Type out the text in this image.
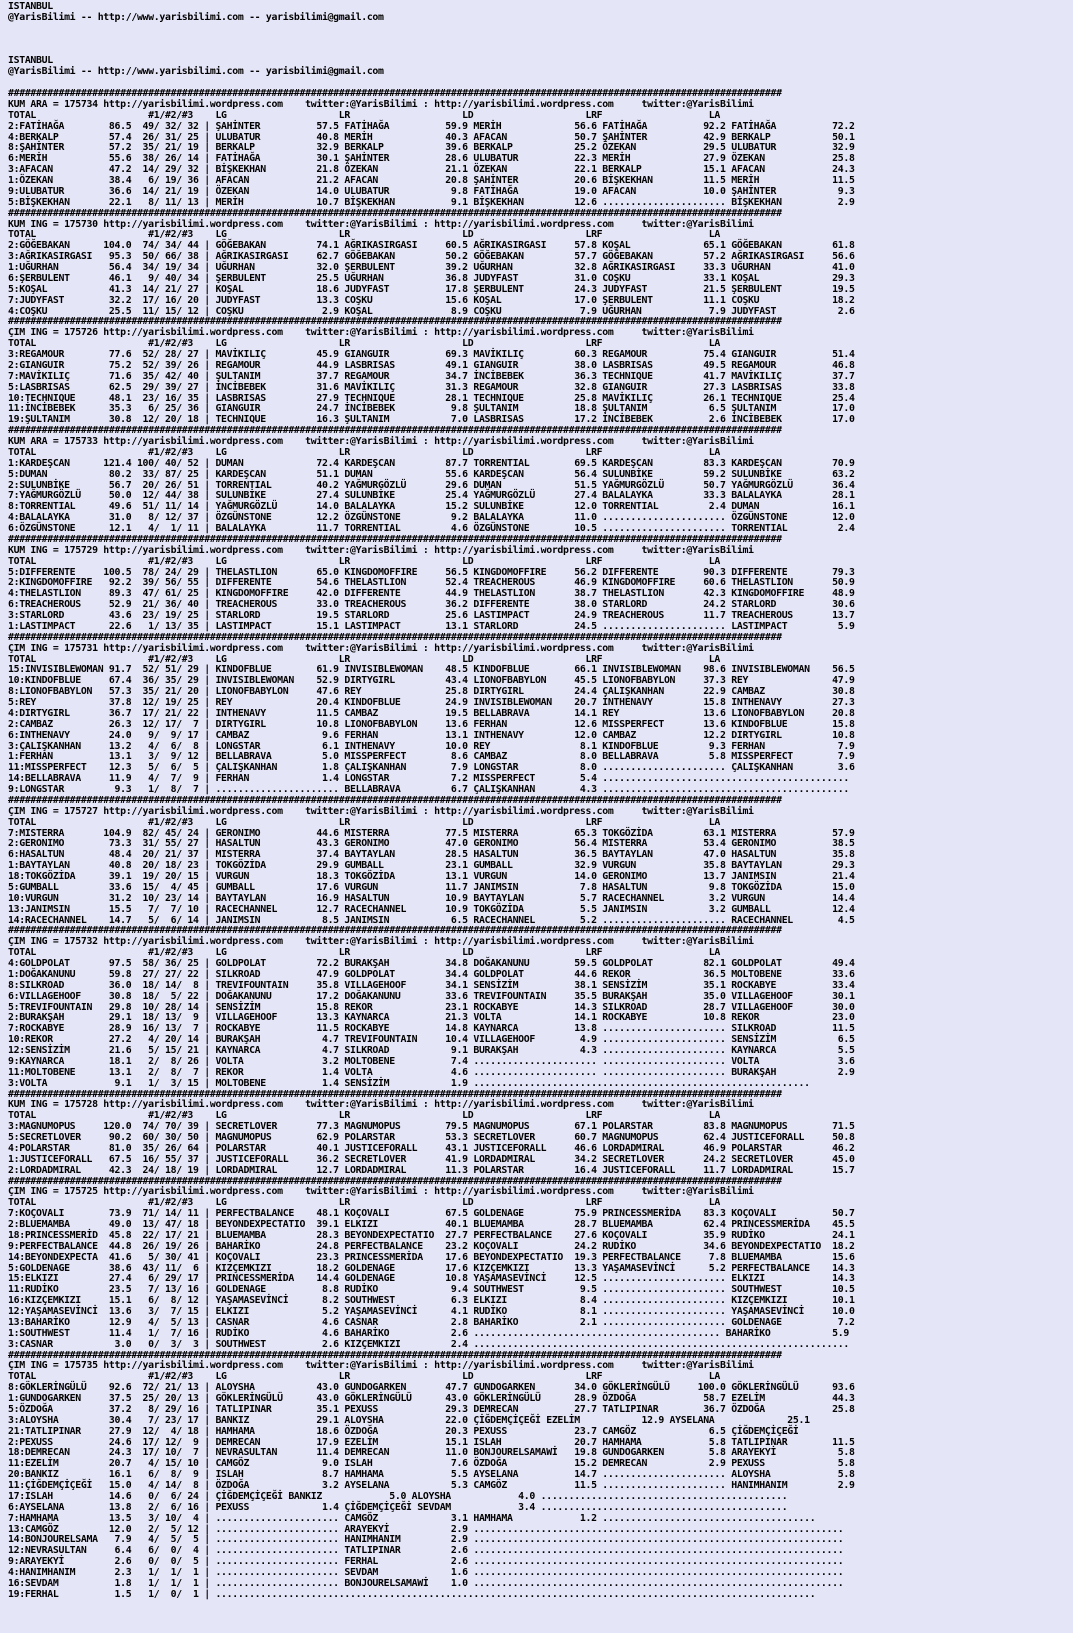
ISTANBUL
@YarisBilimi -- http://www.yarisbilimi.com -- yarisbilimi@gmail.com

ISTANBUL
@YarisBilimi -- http://www.yarisbilimi.com -- yarisbilimi@gmail.com

##########################################################################################################################################
KUM ARA = 175734 http://yarisbilimi.wordpress.com    twitter:@YarisBilimi : http://yarisbilimi.wordpress.com     twitter:@YarisBilimi
TOTAL                    #1/#2/#3    LG                    LR                    LD                    LRF                   LA
2:FATİHAĞA        86.5  49/ 32/ 32 | ŞAHİNTER          57.5 FATİHAĞA          59.9 MERİH             56.6 FATİHAĞA          92.2 FATİHAĞA          72.2
4:BERKALP         57.4  26/ 31/ 25 | ULUBATUR          40.8 MERİH             40.3 AFACAN            50.7 ŞAHİNTER          42.9 BERKALP           50.1
8:ŞAHİNTER        57.2  35/ 21/ 19 | BERKALP           32.9 BERKALP           39.6 BERKALP           25.2 ÖZEKAN            29.5 ULUBATUR          32.9
6:MERİH           55.6  38/ 26/ 14 | FATİHAĞA          30.1 ŞAHİNTER          28.6 ULUBATUR          22.3 MERİH             27.9 ÖZEKAN            25.8
3:AFACAN          47.2  14/ 29/ 32 | BİŞKEKHAN         21.8 ÖZEKAN            21.1 ÖZEKAN            22.1 BERKALP           15.1 AFACAN            24.3
1:ÖZEKAN          38.4   6/ 19/ 36 | AFACAN            21.2 AFACAN            20.8 ŞAHİNTER          20.6 BİŞKEKHAN         11.5 MERİH             11.5
9:ULUBATUR        36.6  14/ 21/ 19 | ÖZEKAN            14.0 ULUBATUR           9.8 FATİHAĞA          19.0 AFACAN            10.0 ŞAHİNTER           9.3
5:BİŞKEKHAN       22.1   8/ 11/ 13 | MERİH             10.7 BİŞKEKHAN          9.1 BİŞKEKHAN         12.6 ...................... BİŞKEKHAN          2.9
##########################################################################################################################################
KUM ING = 175730 http://yarisbilimi.wordpress.com    twitter:@YarisBilimi : http://yarisbilimi.wordpress.com     twitter:@YarisBilimi
TOTAL                    #1/#2/#3    LG                    LR                    LD                    LRF                   LA
2:GÖĞEBAKAN      104.0  74/ 34/ 44 | GÖĞEBAKAN         74.1 AĞRIKASIRGASI     60.5 AĞRIKASIRGASI     57.8 KOŞAL             65.1 GÖĞEBAKAN         61.8
3:AĞRIKASIRGASI   95.3  50/ 66/ 38 | AĞRIKASIRGASI     62.7 GÖĞEBAKAN         50.2 GÖĞEBAKAN         57.7 GÖĞEBAKAN         57.2 AĞRIKASIRGASI     56.6
1:UĞURHAN         56.4  34/ 19/ 34 | UĞURHAN           32.0 ŞERBULENT         39.2 UĞURHAN           32.8 AĞRIKASIRGASI     33.3 UĞURHAN           41.0
6:ŞERBULENT       46.1   9/ 40/ 34 | ŞERBULENT         25.5 UĞURHAN           36.8 JUDYFAST          31.0 COŞKU             33.1 KOŞAL             29.3
5:KOŞAL           41.3  14/ 21/ 27 | KOŞAL             18.6 JUDYFAST          17.8 ŞERBULENT         24.3 JUDYFAST          21.5 ŞERBULENT         19.5
7:JUDYFAST        32.2  17/ 16/ 20 | JUDYFAST          13.3 COŞKU             15.6 KOŞAL             17.0 ŞERBULENT         11.1 COŞKU             18.2
4:COŞKU           25.5  11/ 15/ 12 | COŞKU              2.9 KOŞAL              8.9 COŞKU              7.9 UĞURHAN            7.9 JUDYFAST           2.6
##########################################################################################################################################
ÇIM ING = 175726 http://yarisbilimi.wordpress.com    twitter:@YarisBilimi : http://yarisbilimi.wordpress.com     twitter:@YarisBilimi
TOTAL                    #1/#2/#3    LG                    LR                    LD                    LRF                   LA
3:REGAMOUR        77.6  52/ 28/ 27 | MAVİKILIÇ         45.9 GIANGUIR          69.3 MAVİKILIÇ         60.3 REGAMOUR          75.4 GIANGUIR          51.4
2:GIANGUIR        75.2  52/ 39/ 26 | REGAMOUR          44.9 LASBRISAS         49.1 GIANGUIR          38.0 LASBRISAS         49.5 REGAMOUR          46.8
7:MAVİKILIÇ       71.6  35/ 42/ 40 | ŞULTANIM          37.7 REGAMOUR          34.7 İNCİBEBEK         36.3 TECHNIQUE         41.7 MAVİKILIÇ         37.7
5:LASBRISAS       62.5  29/ 39/ 27 | İNCİBEBEK         31.6 MAVİKILIÇ         31.3 REGAMOUR          32.8 GIANGUIR          27.3 LASBRISAS         33.8
10:TECHNIQUE      48.1  23/ 16/ 35 | LASBRISAS         27.9 TECHNIQUE         28.1 TECHNIQUE         25.8 MAVİKILIÇ         26.1 TECHNIQUE         25.4
11:İNCİBEBEK      35.3   6/ 25/ 36 | GIANGUIR          24.7 İNCİBEBEK          9.8 ŞULTANIM          18.8 ŞULTANIM           6.5 ŞULTANIM          17.0
19:ŞULTANIM       30.8  12/ 20/ 18 | TECHNIQUE         16.3 ŞULTANIM           7.0 LASBRISAS         17.2 İNCİBEBEK          2.6 İNCİBEBEK         17.0
##########################################################################################################################################
KUM ARA = 175733 http://yarisbilimi.wordpress.com    twitter:@YarisBilimi : http://yarisbilimi.wordpress.com     twitter:@YarisBilimi
TOTAL                    #1/#2/#3    LG                    LR                    LD                    LRF                   LA
1:KARDEŞCAN      121.4 100/ 40/ 52 | DUMAN             72.4 KARDEŞCAN         87.7 TORRENTIAL        69.5 KARDEŞCAN         83.3 KARDEŞCAN         70.9
5:DUMAN           80.2  33/ 87/ 25 | KARDEŞCAN         51.1 DUMAN             55.6 KARDEŞCAN         56.4 SULUNBİKE         59.2 SULUNBİKE         63.2
2:SULUNBİKE       56.7  20/ 26/ 51 | TORRENTIAL        40.2 YAĞMURGÖZLÜ       29.6 DUMAN             51.5 YAĞMURGÖZLÜ       50.7 YAĞMURGÖZLÜ       36.4
7:YAĞMURGÖZLÜ     50.0  12/ 44/ 38 | SULUNBİKE         27.4 SULUNBİKE         25.4 YAĞMURGÖZLÜ       27.4 BALALAYKA         33.3 BALALAYKA         28.1
8:TORRENTIAL      49.6  51/ 11/ 14 | YAĞMURGÖZLÜ       14.0 BALALAYKA         15.2 SULUNBİKE         12.0 TORRENTIAL         2.4 DUMAN             16.1
4:BALALAYKA       31.0   8/ 12/ 37 | ÖZGÜNSTONE        12.2 ÖZGÜNSTONE         9.2 BALALAYKA         11.0 ...................... ÖZGÜNSTONE        12.0
6:ÖZGÜNSTONE      12.1   4/  1/ 11 | BALALAYKA         11.7 TORRENTIAL         4.6 ÖZGÜNSTONE        10.5 ...................... TORRENTIAL         2.4
##########################################################################################################################################
KUM ING = 175729 http://yarisbilimi.wordpress.com    twitter:@YarisBilimi : http://yarisbilimi.wordpress.com     twitter:@YarisBilimi
TOTAL                    #1/#2/#3    LG                    LR                    LD                    LRF                   LA
5:DIFFERENTE     100.5  78/ 24/ 29 | THELASTLION       65.0 KINGDOMOFFIRE     56.5 KINGDOMOFFIRE     56.2 DIFFERENTE        90.3 DIFFERENTE        79.3
2:KINGDOMOFFIRE   92.2  39/ 56/ 55 | DIFFERENTE        54.6 THELASTLION       52.4 TREACHEROUS       46.9 KINGDOMOFFIRE     60.6 THELASTLION       50.9
4:THELASTLION     89.3  47/ 61/ 25 | KINGDOMOFFIRE     42.0 DIFFERENTE        44.9 THELASTLION       38.7 THELASTLION       42.3 KINGDOMOFFIRE     48.9
6:TREACHEROUS     52.9  21/ 36/ 40 | TREACHEROUS       33.0 TREACHEROUS       36.2 DIFFERENTE        38.0 STARLORD          24.2 STARLORD          30.6
3:STARLORD        43.6  23/ 19/ 25 | STARLORD          19.5 STARLORD          25.6 LASTIMPACT        24.9 TREACHEROUS       11.7 TREACHEROUS       13.7
1:LASTIMPACT      22.6   1/ 13/ 35 | LASTIMPACT        15.1 LASTIMPACT        13.1 STARLORD          24.5 ...................... LASTIMPACT         5.9
##########################################################################################################################################
ÇIM ING = 175731 http://yarisbilimi.wordpress.com    twitter:@YarisBilimi : http://yarisbilimi.wordpress.com     twitter:@YarisBilimi
TOTAL                    #1/#2/#3    LG                    LR                    LD                    LRF                   LA
15:INVISIBLEWOMAN 91.7  52/ 51/ 29 | KINDOFBLUE        61.9 INVISIBLEWOMAN    48.5 KINDOFBLUE        66.1 INVISIBLEWOMAN    98.6 INVISIBLEWOMAN    56.5
10:KINDOFBLUE     67.4  36/ 35/ 29 | INVISIBLEWOMAN    52.9 DIRTYGIRL         43.4 LIONOFBABYLON     45.5 LIONOFBABYLON     37.3 REY               47.9
8:LIONOFBABYLON   57.3  35/ 21/ 20 | LIONOFBABYLON     47.6 REY               25.8 DIRTYGIRL         24.4 ÇALIŞKANHAN       22.9 CAMBAZ            30.8
5:REY             37.8  12/ 19/ 25 | REY               20.4 KINDOFBLUE        24.9 INVISIBLEWOMAN    20.7 İNTHENAVY         15.8 INTHENAVY         27.3
4:DIRTYGIRL       36.7  17/ 21/ 22 | INTHENAVY         11.5 CAMBAZ            19.5 BELLABRAVA        14.1 REY               13.6 LIONOFBABYLON     20.8
2:CAMBAZ          26.3  12/ 17/  7 | DIRTYGIRL         10.8 LIONOFBABYLON     13.6 FERHAN            12.6 MISSPERFECT       13.6 KINDOFBLUE        15.8
6:INTHENAVY       24.0   9/  9/ 17 | CAMBAZ             9.6 FERHAN            13.1 INTHENAVY         12.0 CAMBAZ            12.2 DIRTYGIRL         10.8
3:ÇALIŞKANHAN     13.2   4/  6/  8 | LONGSTAR           6.1 INTHENAVY         10.0 REY                8.1 KINDOFBLUE         9.3 FERHAN             7.9
1:FERHAN          13.1   3/  9/ 12 | BELLABRAVA         5.0 MISSPERFECT        8.6 CAMBAZ             8.0 BELLABRAVA         5.8 MISSPERFECT        7.9
11:MISSPERFECT    12.3   5/  6/  5 | ÇALIŞKANHAN        1.8 ÇALIŞKANHAN        7.9 LONGSTAR           8.0 ...................... ÇALIŞKANHAN        3.6
14:BELLABRAVA     11.9   4/  7/  9 | FERHAN             1.4 LONGSTAR           7.2 MISSPERFECT        5.4 ............................................
9:LONGSTAR         9.3   1/  8/  7 | ...................... BELLABRAVA         6.7 ÇALIŞKANHAN        4.3 ............................................
##########################################################################################################################################
ÇIM ING = 175727 http://yarisbilimi.wordpress.com    twitter:@YarisBilimi : http://yarisbilimi.wordpress.com     twitter:@YarisBilimi
TOTAL                    #1/#2/#3    LG                    LR                    LD                    LRF                   LA
7:MISTERRA       104.9  82/ 45/ 24 | GERONIMO          44.6 MISTERRA          77.5 MISTERRA          65.3 TOKGÖZİDA         63.1 MISTERRA          57.9
2:GERONIMO        73.3  31/ 55/ 27 | HASALTUN          43.3 GERONIMO          47.0 GERONIMO          56.4 MISTERRA          53.4 GERONIMO          38.5
6:HASALTUN        48.4  20/ 21/ 37 | MISTERRA          37.4 BAYTAYLAN         28.5 HASALTUN          36.5 BAYTAYLAN         47.0 HASALTUN          35.8
1:BAYTAYLAN       40.8  20/ 18/ 23 | TOKGÖZİDA         29.9 GUMBALL           23.1 GUMBALL           32.9 VURGUN            35.8 BAYTAYLAN         29.3
18:TOKGÖZİDA      39.1  19/ 20/ 15 | VURGUN            18.3 TOKGÖZİDA         13.1 VURGUN            14.0 GERONIMO          13.7 JANIMSIN          21.4
5:GUMBALL         33.6  15/  4/ 45 | GUMBALL           17.6 VURGUN            11.7 JANIMSIN           7.8 HASALTUN           9.8 TOKGÖZİDA         15.0
10:VURGUN         31.2  10/ 23/ 14 | BAYTAYLAN         16.9 HASALTUN          10.9 BAYTAYLAN          5.7 RACECHANNEL        3.2 VURGUN            14.4
13:JANIMSIN       15.5   7/  7/ 10 | RACECHANNEL       12.7 RACECHANNEL       10.9 TOKGÖZİDA          5.5 JANIMSIN           3.2 GUMBALL           12.4
14:RACECHANNEL    14.7   5/  6/ 14 | JANIMSIN           8.5 JANIMSIN           6.5 RACECHANNEL        5.2 ...................... RACECHANNEL        4.5
##########################################################################################################################################
ÇIM ING = 175732 http://yarisbilimi.wordpress.com    twitter:@YarisBilimi : http://yarisbilimi.wordpress.com     twitter:@YarisBilimi
TOTAL                    #1/#2/#3    LG                    LR                    LD                    LRF                   LA
4:GOLDPOLAT       97.5  58/ 36/ 25 | GOLDPOLAT         72.2 BURAKŞAH          34.8 DOĞAKANUNU        59.5 GOLDPOLAT         82.1 GOLDPOLAT         49.4
1:DOĞAKANUNU      59.8  27/ 27/ 22 | SILKROAD          47.9 GOLDPOLAT         34.4 GOLDPOLAT         44.6 REKOR             36.5 MOLTOBENE         33.6
8:SILKROAD        36.0  18/ 14/  8 | TREVIFOUNTAIN     35.8 VILLAGEHOOF       34.1 SENSİZİM          38.1 SENSİZİM          35.1 ROCKABYE          33.4
6:VILLAGEHOOF     30.8  18/  5/ 22 | DOĞAKANUNU        17.2 DOĞAKANUNU        33.6 TREVIFOUNTAIN     35.5 BURAKŞAH          35.0 VILLAGEHOOF       30.1
5:TREVIFOUNTAIN   29.8  10/ 28/ 14 | SENSİZİM          15.8 REKOR             23.1 ROCKABYE          14.3 SILKROAD          28.7 VILLAGEHOOF       30.0
2:BURAKŞAH        29.1  18/ 13/  9 | VILLAGEHOOF       13.3 KAYNARCA          21.3 VOLTA             14.1 ROCKABYE          10.8 REKOR             23.0
7:ROCKABYE        28.9  16/ 13/  7 | ROCKABYE          11.5 ROCKABYE          14.8 KAYNARCA          13.8 ...................... SILKROAD          11.5
10:REKOR          27.2   4/ 20/ 14 | BURAKŞAH           4.7 TREVIFOUNTAIN     10.4 VILLAGEHOOF        4.9 ...................... SENSİZİM           6.5
12:SENSİZİM       21.6   5/ 15/ 21 | KAYNARCA           4.7 SILKROAD           9.1 BURAKŞAH           4.3 ...................... KAYNARCA           5.5
9:KAYNARCA        18.1   2/  8/ 26 | VOLTA              3.2 MOLTOBENE          7.4 ...................... ...................... VOLTA              3.6
11:MOLTOBENE      13.1   2/  8/  7 | REKOR              1.4 VOLTA              4.6 ...................... ...................... BURAKŞAH           2.9
3:VOLTA            9.1   1/  3/ 15 | MOLTOBENE          1.4 SENSİZİM           1.9 ............................................................
##########################################################################################################################################
KUM ING = 175728 http://yarisbilimi.wordpress.com    twitter:@YarisBilimi : http://yarisbilimi.wordpress.com     twitter:@YarisBilimi
TOTAL                    #1/#2/#3    LG                    LR                    LD                    LRF                   LA
3:MAGNUMOPUS     120.0  74/ 70/ 39 | SECRETLOVER       77.3 MAGNUMOPUS        79.5 MAGNUMOPUS        67.1 POLARSTAR         83.8 MAGNUMOPUS        71.5
5:SECRETLOVER     90.2  60/ 30/ 50 | MAGNUMOPUS        62.9 POLARSTAR         53.3 SECRETLOVER       60.7 MAGNUMOPUS        62.4 JUSTICEFORALL     50.8
4:POLARSTAR       81.0  35/ 26/ 64 | POLARSTAR         40.1 JUSTICEFORALL     43.1 JUSTICEFORALL     46.6 LORDADMIRAL       46.9 POLARSTAR         46.2
1:JUSTICEFORALL   67.5  16/ 55/ 37 | JUSTICEFORALL     36.2 SECRETLOVER       41.9 LORDADMIRAL       34.2 SECRETLOVER       24.2 SECRETLOVER       45.0
2:LORDADMIRAL     42.3  24/ 18/ 19 | LORDADMIRAL       12.7 LORDADMIRAL       11.3 POLARSTAR         16.4 JUSTICEFORALL     11.7 LORDADMIRAL       15.7
##########################################################################################################################################
ÇIM ING = 175725 http://yarisbilimi.wordpress.com    twitter:@YarisBilimi : http://yarisbilimi.wordpress.com     twitter:@YarisBilimi
TOTAL                    #1/#2/#3    LG                    LR                    LD                    LRF                   LA
7:KOÇOVALI        73.9  71/ 14/ 11 | PERFECTBALANCE    48.1 KOÇOVALI          67.5 GOLDENAGE         75.9 PRINCESSMERİDA    83.3 KOÇOVALI          50.7
2:BLUEMAMBA       49.0  13/ 47/ 18 | BEYONDEXPECTATIO  39.1 ELKIZI            40.1 BLUEMAMBA         28.7 BLUEMAMBA         62.4 PRINCESSMERİDA    45.5
18:PRINCESSMERİD  45.8  22/ 17/ 21 | BLUEMAMBA         28.3 BEYONDEXPECTATIO  27.7 PERFECTBALANCE    27.6 KOÇOVALI          35.9 RUDİKO            24.1
9:PERFECTBALANCE  44.8  26/ 19/ 26 | BAHARİKO          24.8 PERFECTBALANCE    23.2 KOÇOVALI          24.2 RUDİKO            34.6 BEYONDEXPECTATIO  18.2
14:BEYONDEXPECTA  41.6   5/ 30/ 41 | KOÇOVALI          23.3 PRINCESSMERİDA    17.6 BEYONDEXPECTATIO  19.3 PERFECTBALANCE     7.8 BLUEMAMBA         15.6
5:GOLDENAGE       38.6  43/ 11/  6 | KIZÇEMKIZI        18.2 GOLDENAGE         17.6 KIZÇEMKIZI        13.3 YAŞAMASEVİNCİ      5.2 PERFECTBALANCE    14.3
15:ELKIZI         27.4   6/ 29/ 17 | PRINCESSMERİDA    14.4 GOLDENAGE         10.8 YAŞAMASEVİNCİ     12.5 ...................... ELKIZI            14.3
11:RUDİKO         23.5   7/ 13/ 16 | GOLDENAGE          8.8 RUDİKO             9.4 SOUTHWEST          9.5 ...................... SOUTHWEST         10.5
16:KIZÇEMKIZI     15.1   6/  8/ 12 | YAŞAMASEVİNCİ      8.2 SOUTHWEST          6.3 ELKIZI             8.4 ...................... KIZÇEMKIZI        10.1
12:YAŞAMASEVİNCİ  13.6   3/  7/ 15 | ELKIZI             5.2 YAŞAMASEVİNCİ      4.1 RUDİKO             8.1 ...................... YAŞAMASEVİNCİ     10.0
13:BAHARİKO       12.9   4/  5/ 13 | CASNAR             4.6 CASNAR             2.8 BAHARİKO           2.1 ...................... GOLDENAGE          7.2
1:SOUTHWEST       11.4   1/  7/ 16 | RUDİKO             4.6 BAHARİKO           2.6 ............................................ BAHARİKO           5.9
3:CASNAR           3.0   0/  3/  3 | SOUTHWEST          2.6 KIZÇEMKIZI         2.4 ...................................................................
##########################################################################################################################################
ÇIM ING = 175735 http://yarisbilimi.wordpress.com    twitter:@YarisBilimi : http://yarisbilimi.wordpress.com     twitter:@YarisBilimi
TOTAL                    #1/#2/#3    LG                    LR                    LD                    LRF                   LA
8:GÖKLERİNGÜLÜ    92.6  72/ 21/ 13 | ALOYSHA           43.0 GUNDOGARKEN       47.7 GUNDOGARKEN       34.0 GÖKLERİNGÜLÜ     100.0 GÖKLERİNGÜLÜ      93.6
1:GUNDOGARKEN     37.5  25/ 20/ 13 | GÖKLERİNGÜLÜ      43.0 GÖKLERİNGÜLÜ      43.0 GÖKLERİNGÜLÜ      28.9 ÖZDOĞA            58.7 EZELİM            44.3
5:ÖZDOĞA          37.2   8/ 29/ 16 | TATLIPINAR        35.1 PEXUSS            29.3 DEMRECAN          27.7 TATLIPINAR        36.7 ÖZDOĞA            25.8
3:ALOYSHA         30.4   7/ 23/ 17 | BANKIZ            29.1 ALOYSHA           22.0 ÇİĞDEMÇİÇEĞİ EZELİM           12.9 AYSELANA             25.1
21:TATLIPINAR     27.9  12/  4/ 18 | HAMHAMA           18.6 ÖZDOĞA            20.3 PEXUSS            23.7 CAMGÖZ             6.5 ÇİĞDEMÇİÇEĞİ
2:PEXUSS          24.6  17/ 12/  9 | DEMRECAN          17.9 EZELİM            15.1 ISLAH             20.7 HAMHAMA            5.8 TATLIPINAR        11.5
18:DEMRECAN       24.3  17/ 10/  7 | NEVRASULTAN       11.4 DEMRECAN          11.0 BONJOURELSAMAWİ   19.8 GUNDOGARKEN        5.8 ARAYEKYİ           5.8
11:EZELİM         20.7   4/ 15/ 10 | CAMGÖZ             9.0 ISLAH              7.6 ÖZDOĞA            15.2 DEMRECAN           2.9 PEXUSS             5.8
20:BANKIZ         16.1   6/  8/  9 | ISLAH              8.7 HAMHAMA            5.5 AYSELANA          14.7 ...................... ALOYSHA            5.8
11:ÇİĞDEMÇİÇEĞİ   15.0   4/ 14/  8 | ÖZDOĞA             3.2 AYSELANA           5.3 CAMGÖZ            11.5 ...................... HANIMHANIM         2.9
17:ISLAH          14.6   0/  6/ 24 | ÇİĞDEMÇİÇEĞİ BANKIZ            5.0 ALOYSHA            4.0 ............................................
6:AYSELANA        13.8   2/  6/ 16 | PEXUSS             1.4 ÇİĞDEMÇİÇEĞİ SEVDAM            3.4 ............................................
7:HAMHAMA         13.5   3/ 10/  4 | ...................... CAMGÖZ             3.1 HAMHAMA            1.2 ......................................
13:CAMGÖZ         12.0   2/  5/ 12 | ...................... ARAYEKYİ           2.9 ..................................................................
14:BONJOURELSAMA   7.9   4/  5/  5 | ...................... HANIMHANIM         2.9 ..................................................................
12:NEVRASULTAN     6.4   6/  0/  4 | ...................... TATLIPINAR         2.6 ..................................................................
9:ARAYEKYİ         2.6   0/  0/  5 | ...................... FERHAL             2.6 ..................................................................
4:HANIMHANIM       2.3   1/  1/  1 | ...................... SEVDAM             1.6 ..................................................................
16:SEVDAM          1.8   1/  1/  1 | ...................... BONJOURELSAMAWİ    1.0 ..................................................................
19:FERHAL          1.5   1/  0/  1 | ...........................................................................................................
